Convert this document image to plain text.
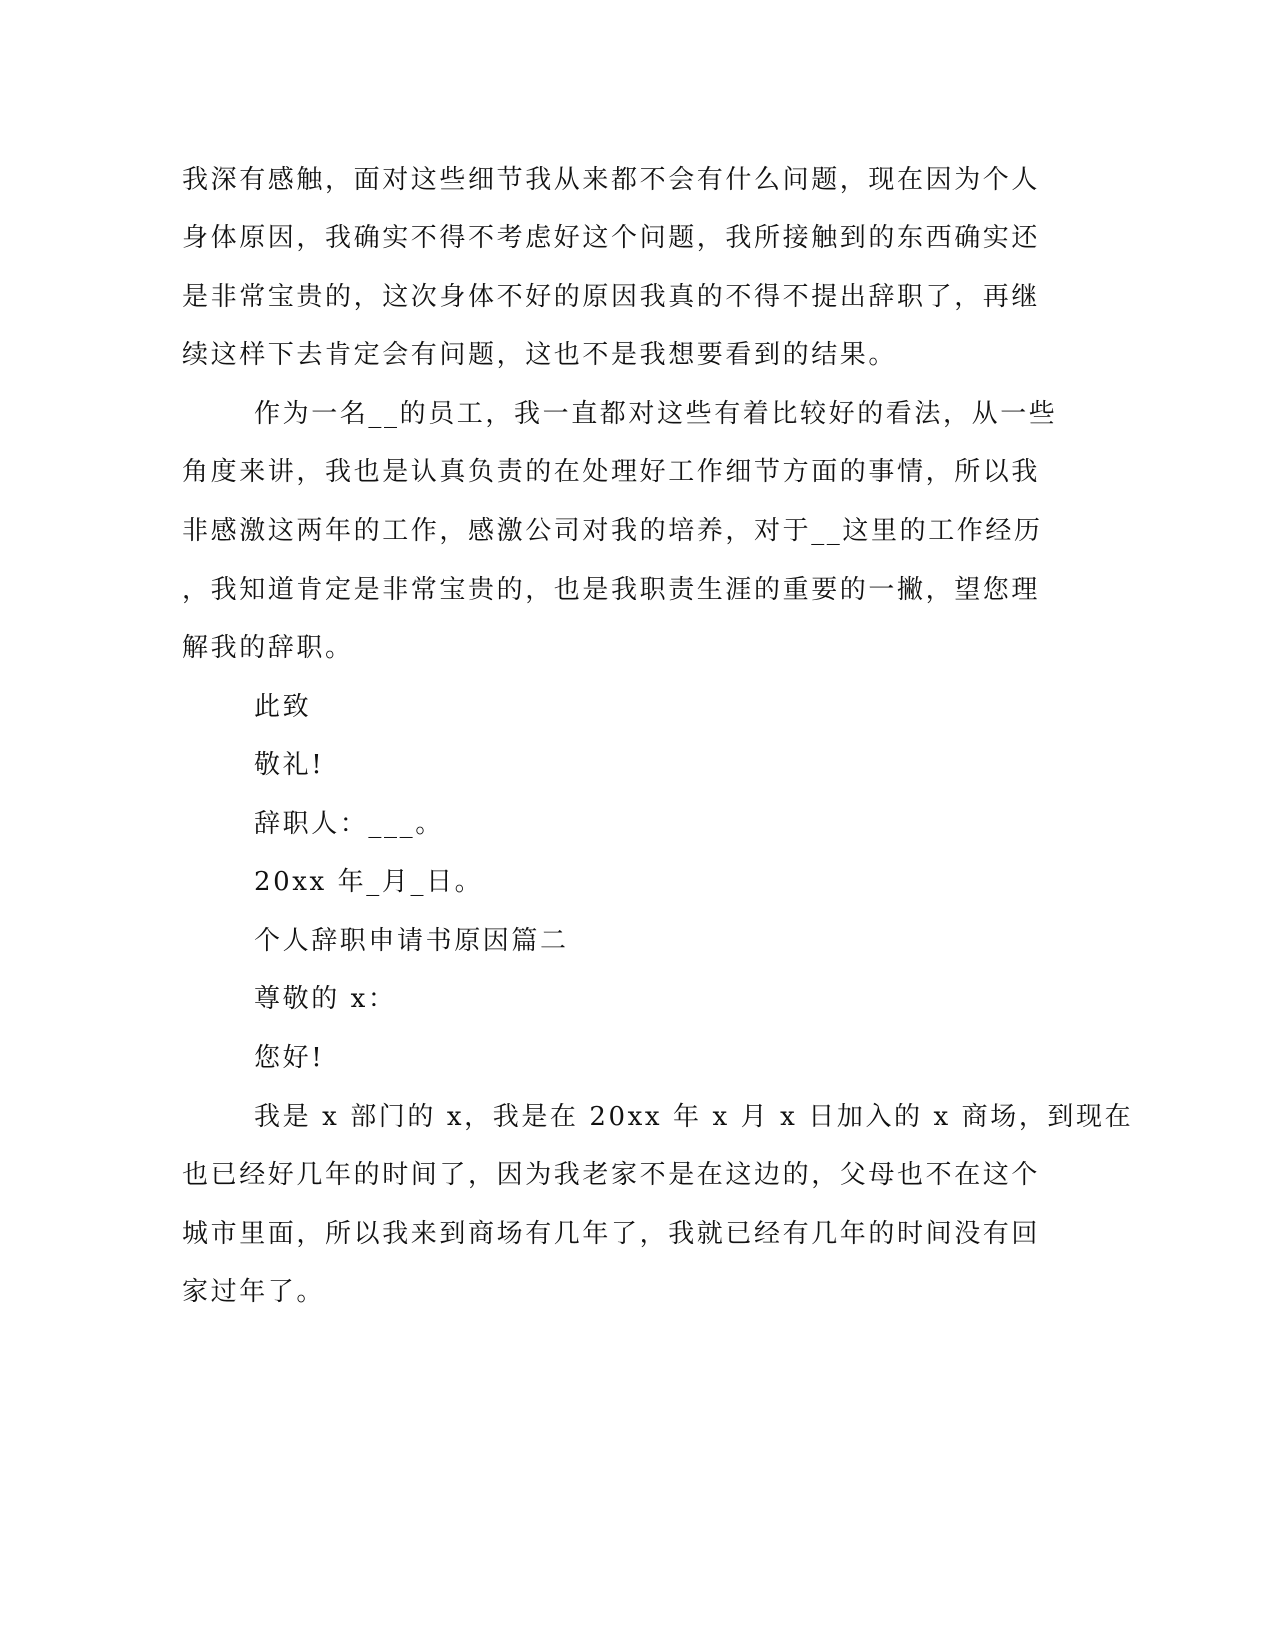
我深有感触，面对这些细节我从来都不会有什么问题，现在因为个人
身体原因，我确实不得不考虑好这个问题，我所接触到的东西确实还
是非常宝贵的，这次身体不好的原因我真的不得不提出辞职了，再继
续这样下去肯定会有问题，这也不是我想要看到的结果。
作为一名__的员工，我一直都对这些有着比较好的看法，从一些
角度来讲，我也是认真负责的在处理好工作细节方面的事情，所以我
非感激这两年的工作，感激公司对我的培养，对于__这里的工作经历
，我知道肯定是非常宝贵的，也是我职责生涯的重要的一撇，望您理
解我的辞职。
此致
敬礼!
辞职人：___。
20xx 年_月_日。
个人辞职申请书原因篇二
尊敬的 x：
您好!
我是 x 部门的 x，我是在 20xx 年 x 月 x 日加入的 x 商场，到现在
也已经好几年的时间了，因为我老家不是在这边的，父母也不在这个
城市里面，所以我来到商场有几年了，我就已经有几年的时间没有回
家过年了。
